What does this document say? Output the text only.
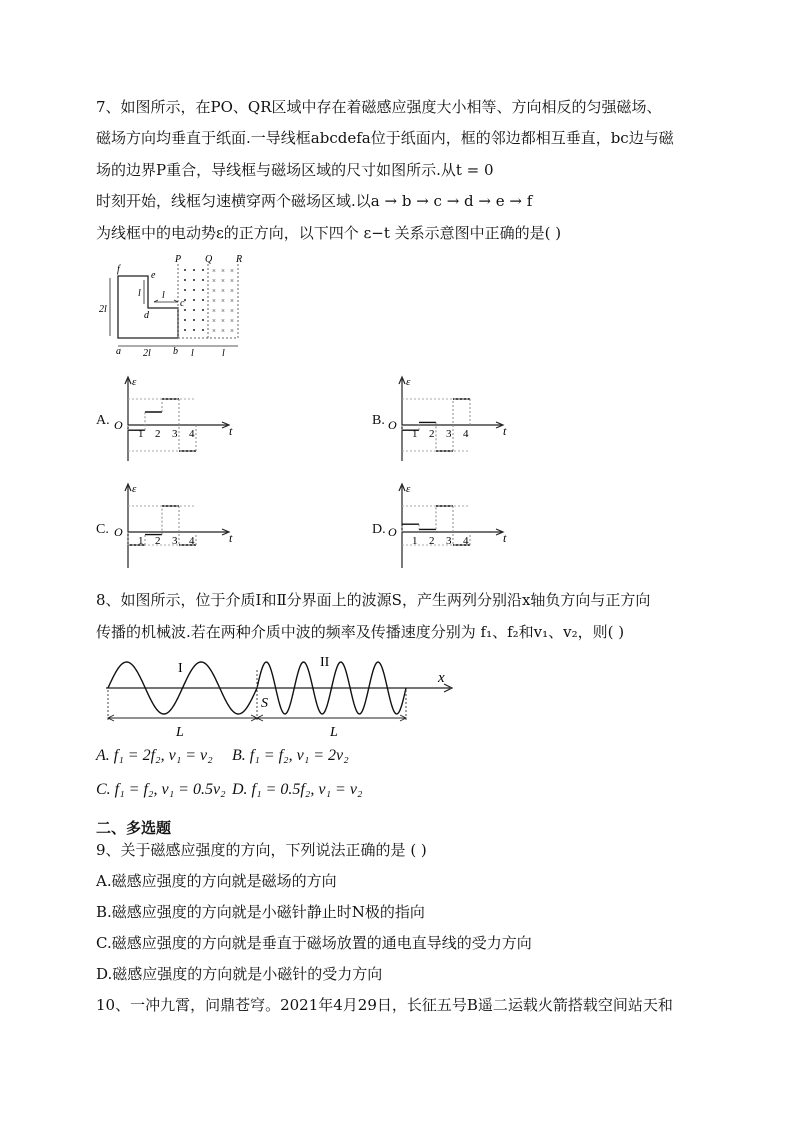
7、如图所示，在PO、QR区域中存在着磁感应强度大小相等、方向相反的匀强磁场、
磁场方向均垂直于纸面.一导线框abcdefa位于纸面内，框的邻边都相互垂直，bc边与磁
场的边界P重合，导线框与磁场区域的尺寸如图所示.从t = 0
时刻开始，线框匀速横穿两个磁场区域.以a → b → c → d → e → f
为线框中的电动势ε的正方向，以下四个 ε−t 关系示意图中正确的是( )
× × ×
× × ×
× × ×
× × ×
× × ×
× × ×
× × ×
P Q R
a	b
c
d
e
f
2l
2l
l l
l	l
A.	B.
C.	D.
ε
t
O
1 2 3 4
ε
t
O
1 2 3 4
ε
t
O
1 2 3 4
ε
t
O
1 2 3 4
8、如图所示，位于介质Ⅰ和Ⅱ分界面上的波源S，产生两列分别沿x轴负方向与正方向
传播的机械波.若在两种介质中波的频率及传播速度分别为 f₁、f₂和v₁、v₂，则( )
I	II
S
x
L	L
A. f₁ = 2f₂, v₁ = v₂ B. f₁ = f₂, v₁ = 2v₂
C. f₁ = f₂, v₁ = 0.5v₂ D. f₁ = 0.5f₂, v₁ = v₂
二、多选题
9、关于磁感应强度的方向，下列说法正确的是 ( )
A.磁感应强度的方向就是磁场的方向
B.磁感应强度的方向就是小磁针静止时N极的指向
C.磁感应强度的方向就是垂直于磁场放置的通电直导线的受力方向
D.磁感应强度的方向就是小磁针的受力方向
10、一冲九霄，问鼎苍穹。2021年4月29日，长征五号B遥二运载火箭搭载空间站天和
